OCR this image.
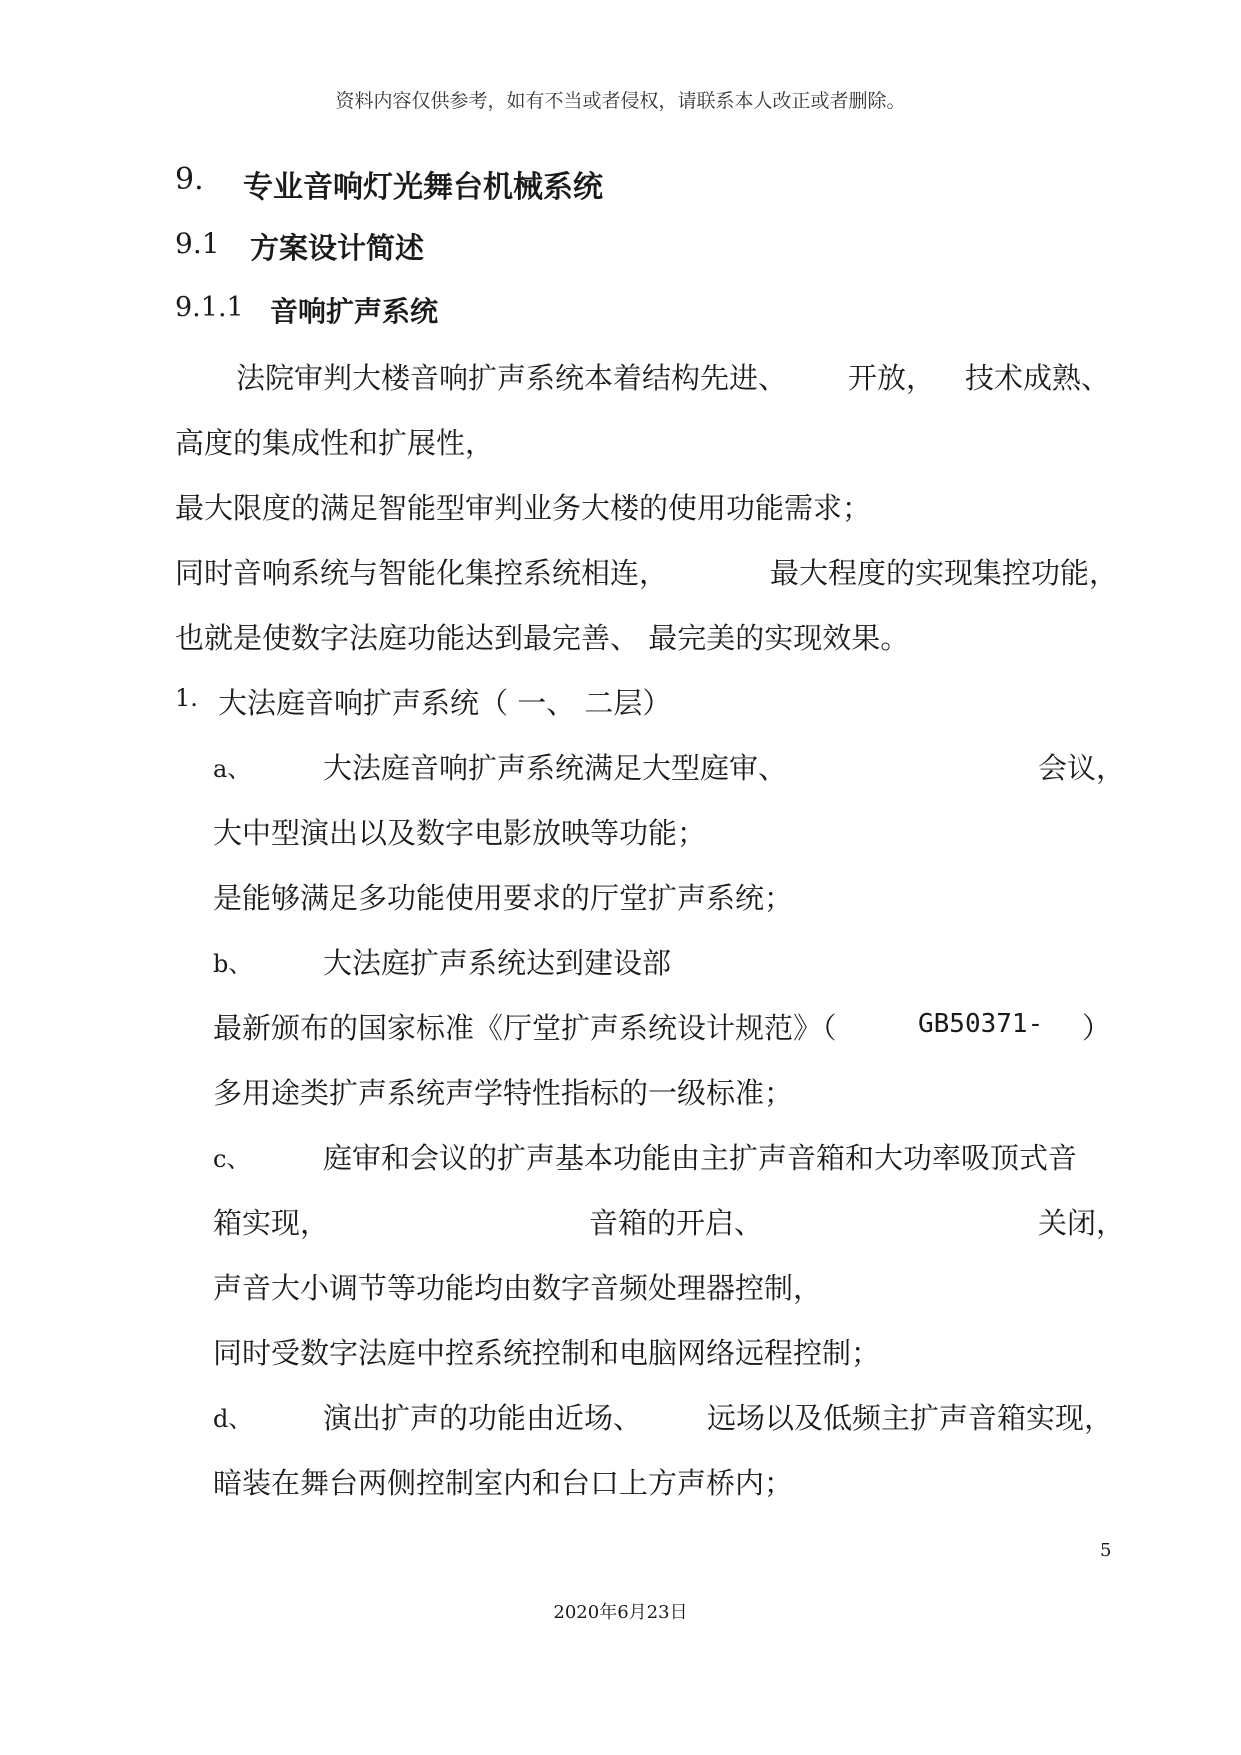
资料内容仅供参考，如有不当或者侵权，请联系本人改正或者删除。
9. 专业音响灯光舞台机械系统
9.1 方案设计简述
9.1.1 音响扩声系统
法院审判大楼音响扩声系统本着结构先进、 开放， 技术成熟、
高度的集成性和扩展性，
最大限度的满足智能型审判业务大楼的使用功能需求；
同时音响系统与智能化集控系统相连，	最大程度的实现集控功能，
也就是使数字法庭功能达到最完善、 最完美的实现效果。
1. 大法庭音响扩声系统（ 一、 二层）
a、 大法庭音响扩声系统满足大型庭审、	会议，
大中型演出以及数字电影放映等功能；
是能够满足多功能使用要求的厅堂扩声系统；
b、 大法庭扩声系统达到建设部
最新颁布的国家标准《厅堂扩声系统设计规范》（	GB50371- ）
多用途类扩声系统声学特性指标的一级标准；
c、	庭审和会议的扩声基本功能由主扩声音箱和大功率吸顶式音
箱实现，	音箱的开启、	关闭，
声音大小调节等功能均由数字音频处理器控制，
同时受数字法庭中控系统控制和电脑网络远程控制；
d、 演出扩声的功能由近场、 远场以及低频主扩声音箱实现，
暗装在舞台两侧控制室内和台口上方声桥内；
5
2020年6月23日
